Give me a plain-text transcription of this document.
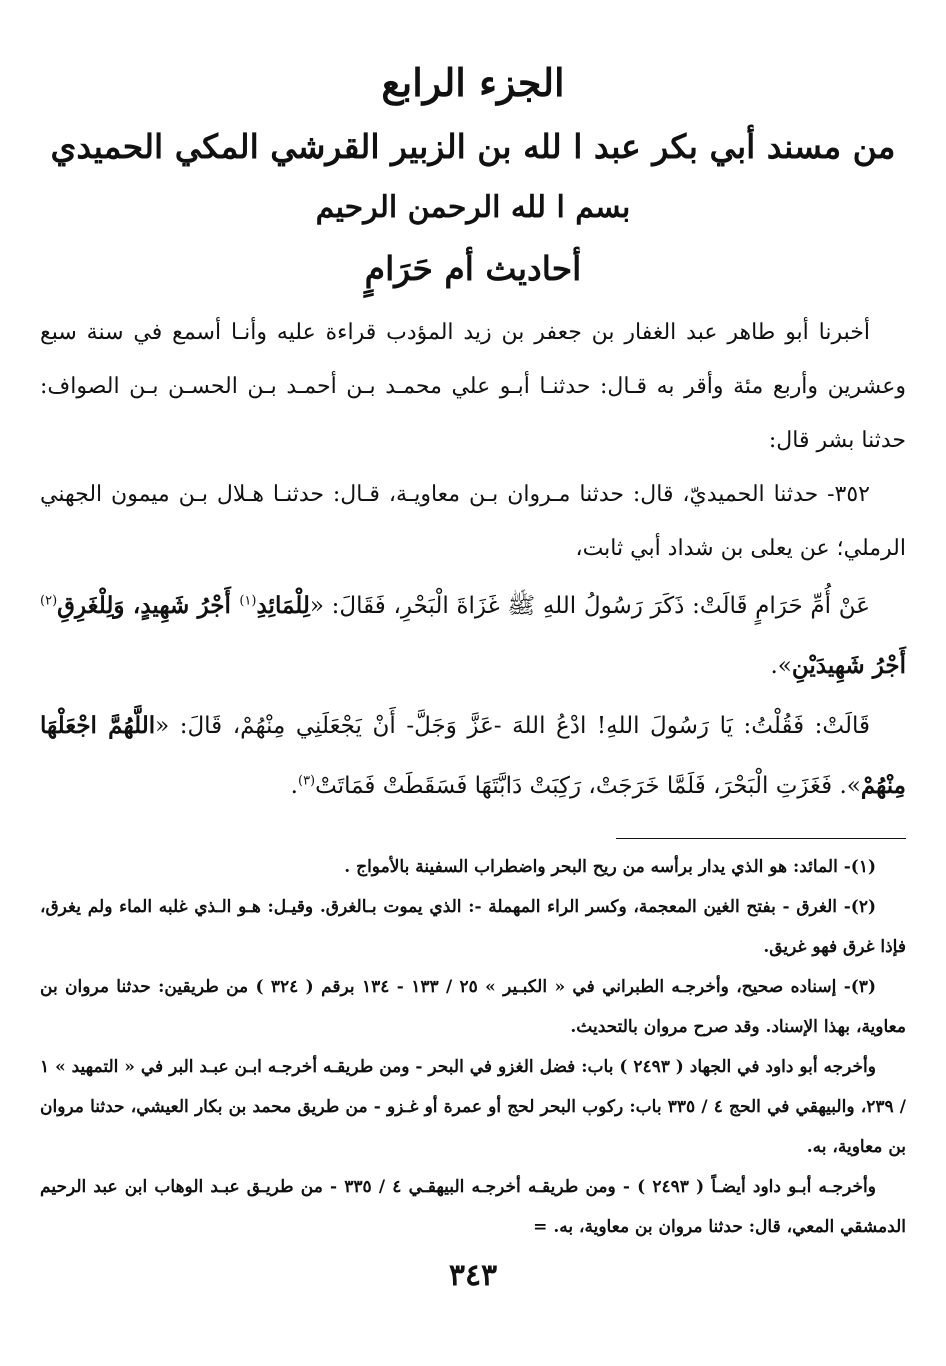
الجزء الرابع
من مسند أبي بكر عبد ا لله بن الزبير القرشي المكي الحميدي
بسم ا لله الرحمن الرحيم
أحاديث أم حَرَامٍ

أخبرنا أبو طاهر عبد الغفار بن جعفر بن زيد المؤدب قراءة عليه وأنـا أسمع في سنة سبع وعشرين وأربع مئة وأقر به قـال: حدثنـا أبـو علي محمـد بـن أحمـد بـن الحسـن بـن الصواف: حدثنا بشر قال:

٣٥٢- حدثنا الحميديّ، قال: حدثنا مـروان بـن معاويـة، قـال: حدثنـا هـلال بـن ميمون الجهني الرملي؛ عن يعلى بن شداد أبي ثابت،

عَنْ أُمِّ حَرَامٍ قَالَتْ: ذَكَرَ رَسُولُ اللهِ ﷺ غَزَاةَ الْبَحْرِ، فَقَالَ: «لِلْمَائِدِ$^{(١)}$ أَجْرُ شَهِيدٍ، وَلِلْغَرِقِ$^{(٢)}$ أَجْرُ شَهِيدَيْنِ».

قَالَتْ: فَقُلْتُ: يَا رَسُولَ اللهِ! ادْعُ اللهَ -عَزَّ وَجَلَّ- أَنْ يَجْعَلَنِي مِنْهُمْ، قَالَ: «اللَّهُمَّ اجْعَلْهَا مِنْهُمْ». فَغَزَتِ الْبَحْرَ، فَلَمَّا خَرَجَتْ، رَكِبَتْ دَابَّتَهَا فَسَقَطَتْ فَمَاتَتْ$^{(٣)}$.

(١)- المائد: هو الذي يدار برأسه من ريح البحر واضطراب السفينة بالأمواج .

(٢)- الغرق - بفتح الغين المعجمة، وكسر الراء المهملة -: الذي يموت بـالغرق. وقيـل: هـو الـذي غلبه الماء ولم يغرق، فإذا غرق فهو غريق.

(٣)- إسناده صحيح، وأخرجـه الطبراني في « الكبـير » ٢٥ / ١٣٣ - ١٣٤ برقم ( ٣٢٤ ) من طريقين: حدثنا مروان بن معاوية، بهذا الإسناد. وقد صرح مروان بالتحديث.

وأخرجه أبو داود في الجهاد ( ٢٤٩٣ ) باب: فضل الغزو في البحر - ومن طريقـه أخرجـه ابـن عبـد البر في « التمهيد » ١ / ٢٣٩، والبيهقي في الحج ٤ / ٣٣٥ باب: ركوب البحر لحج أو عمرة أو غـزو - من طريق محمد بن بكار العيشي، حدثنا مروان بن معاوية، به.

وأخرجـه أبـو داود أيضـاً ( ٢٤٩٣ ) - ومن طريقـه أخرجـه البيهقـي ٤ / ٣٣٥ - من طريـق عبـد الوهاب ابن عبد الرحيم الدمشقي المعي، قال: حدثنا مروان بن معاوية، به. =

٣٤٣
